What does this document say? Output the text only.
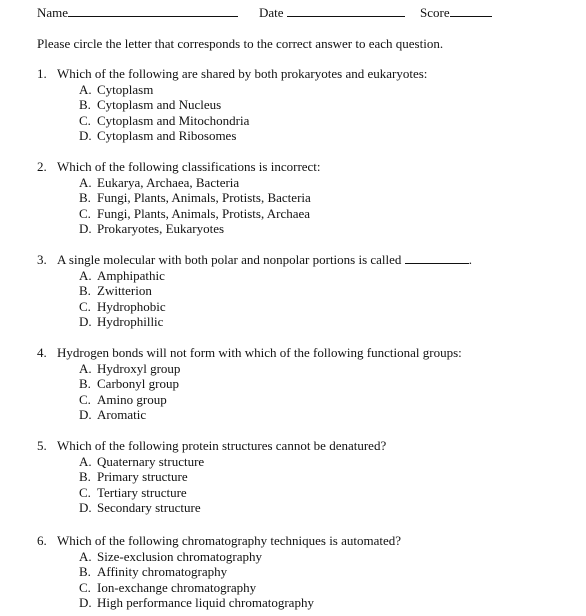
Name	Date	Score
Please circle the letter that corresponds to the correct answer to each question.
1. Which of the following are shared by both prokaryotes and eukaryotes:
A. Cytoplasm
B. Cytoplasm and Nucleus
C. Cytoplasm and Mitochondria
D. Cytoplasm and Ribosomes
2. Which of the following classifications is incorrect:
A. Eukarya, Archaea, Bacteria
B. Fungi, Plants, Animals, Protists, Bacteria
C. Fungi, Plants, Animals, Protists, Archaea
D. Prokaryotes, Eukaryotes
3. A single molecular with both polar and nonpolar portions is called	.
A. Amphipathic
B. Zwitterion
C. Hydrophobic
D. Hydrophillic
4. Hydrogen bonds will not form with which of the following functional groups:
A. Hydroxyl group
B. Carbonyl group
C. Amino group
D. Aromatic
5. Which of the following protein structures cannot be denatured?
A. Quaternary structure
B. Primary structure
C. Tertiary structure
D. Secondary structure
6. Which of the following chromatography techniques is automated?
A. Size-exclusion chromatography
B. Affinity chromatography
C. Ion-exchange chromatography
D. High performance liquid chromatography
